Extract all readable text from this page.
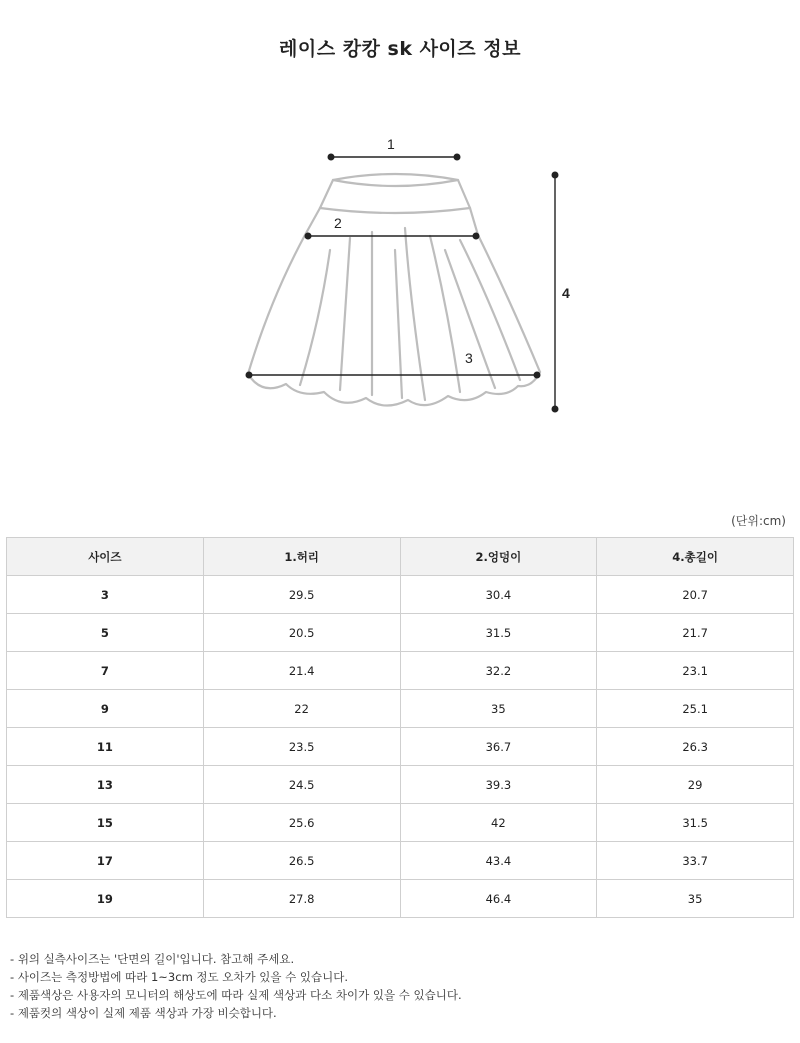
레이스 캉캉 sk 사이즈 정보
1
2
3
4
(단위:cm)
사이즈	1.허리	2.엉덩이	4.총길이
3	29.5	30.4	20.7
5	20.5	31.5	21.7
7	21.4	32.2	23.1
9	22	35	25.1
11	23.5	36.7	26.3
13	24.5	39.3	29
15	25.6	42	31.5
17	26.5	43.4	33.7
19	27.8	46.4	35
- 위의 실측사이즈는 '단면의 길이'입니다. 참고해 주세요.
- 사이즈는 측정방법에 따라 1~3cm 정도 오차가 있을 수 있습니다.
- 제품색상은 사용자의 모니터의 해상도에 따라 실제 색상과 다소 차이가 있을 수 있습니다.
- 제품컷의 색상이 실제 제품 색상과 가장 비슷합니다.
